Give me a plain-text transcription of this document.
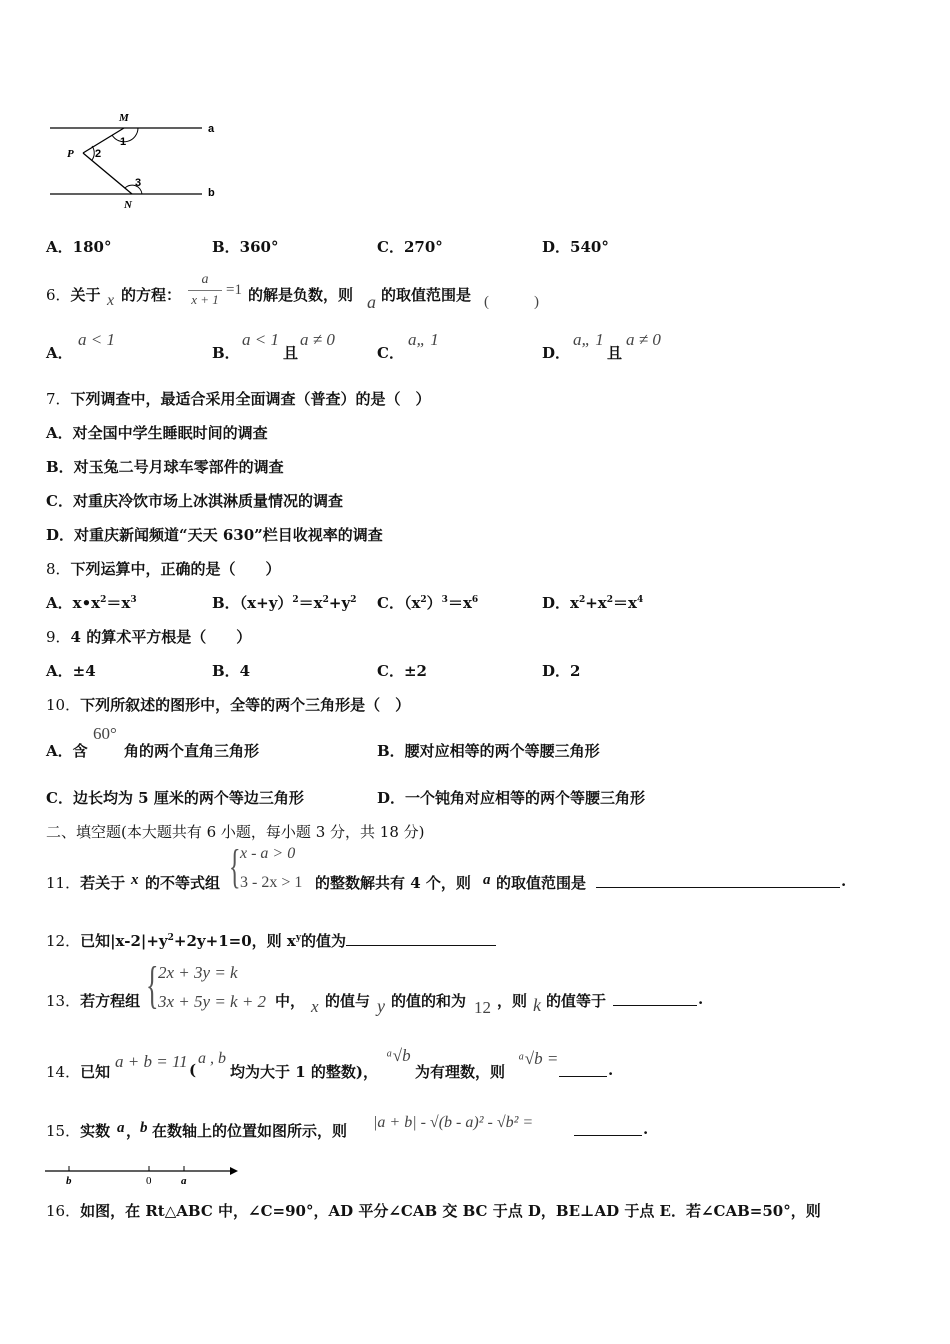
M
P
N
a
b
1
2
3
A．180°	B．360°	C．270°	D．540°
6．关于 x 的方程：
a
x + 1
=1 的解是负数，则 a 的取值范围是 (　　　)
A．
a < 1
B．
a < 1
且
a ≠ 0
C．
a„ 1
D．
a„ 1
且
a ≠ 0
7．下列调查中，最适合采用全面调查（普查）的是（　）
A．对全国中学生睡眠时间的调查
B．对玉兔二号月球车零部件的调查
C．对重庆冷饮市场上冰淇淋质量情况的调查
D．对重庆新闻频道“天天 630”栏目收视率的调查
8．下列运算中，正确的是（　　）
A．$x•x^2=x^3$	B．$(x+y)^2=x^2+y^2$ C．$(x^2)^3=x^6$	D．$x^2+x^2=x^4$
9．4 的算术平方根是（　　）
A．±4	B．4	C．±2	D．2
10．下列所叙述的图形中，全等的两个三角形是（　）
A．含
60°
角的两个直角三角形	B．腰对应相等的两个等腰三角形
C．边长均为 5 厘米的两个等边三角形	D．一个钝角对应相等的两个等腰三角形
二、填空题(本大题共有 6 小题，每小题 3 分，共 18 分)
11．若关于 x 的不等式组 { x - a > 0
3 - 2x > 1 的整数解共有 4 个，则 a 的取值范围是	.
12．已知$|x-2|+y^2+2y+1=0$，则 $x^y$的值为
13．若方程组 { 2x + 3y = k
3x + 5y = k + 2 中， x 的值与 y 的值的和为 12 ，则 k 的值等于	.
14．已知
a + b = 11 (
a , b
均为大于 1 的整数)，
ᵃ√b
为有理数，则
ᵃ√b =
.
15．实数 a ，
b 在数轴上的位置如图所示，则 |a + b| - √(b - a)² - √b² =	.
b	0	a
16．如图，在 Rt△ABC 中，∠C=90°，AD 平分∠CAB 交 BC 于点 D，BE⊥AD 于点 E．若∠CAB=50°，则
